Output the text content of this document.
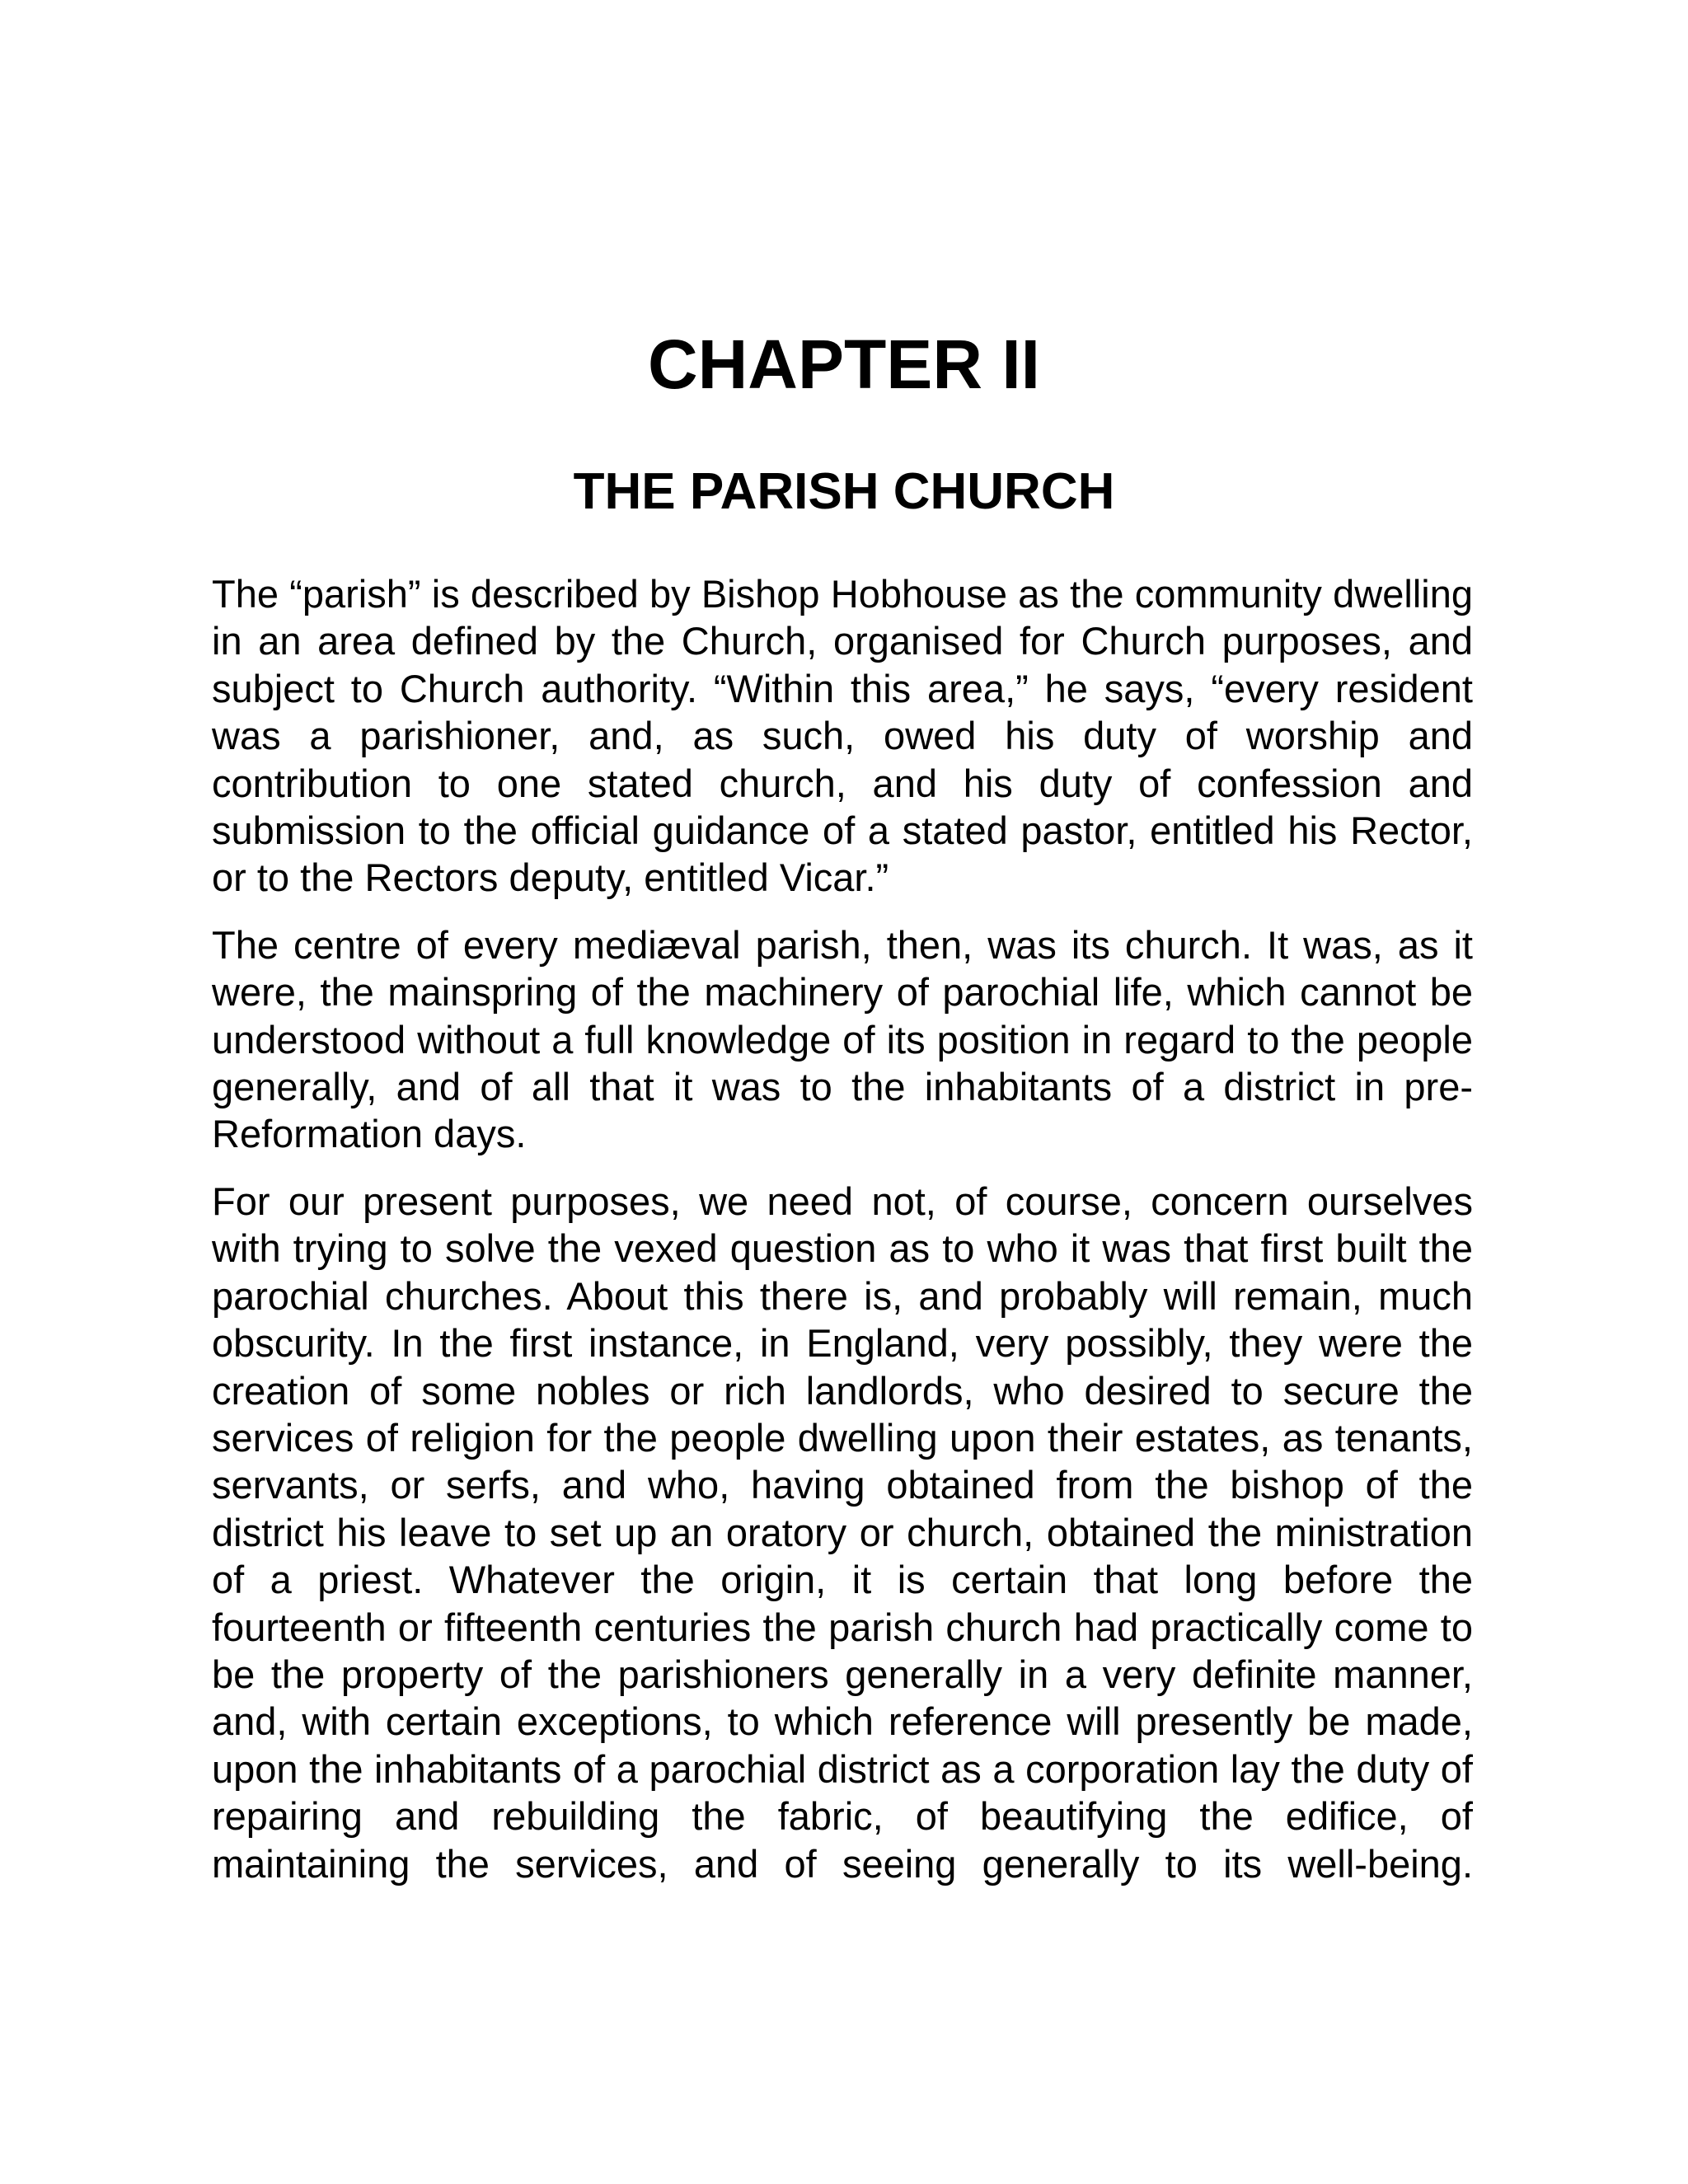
CHAPTER II
THE PARISH CHURCH

The “parish” is described by Bishop Hobhouse as the community dwelling in an area defined by the Church, organised for Church purposes, and subject to Church authority. “Within this area,” he says, “every resident was a parishioner, and, as such, owed his duty of worship and contribution to one stated church, and his duty of confession and submission to the official guidance of a stated pastor, entitled his Rector, or to the Rectors deputy, entitled Vicar.”

The centre of every mediæval parish, then, was its church. It was, as it were, the mainspring of the machinery of parochial life, which cannot be understood without a full knowledge of its position in regard to the people generally, and of all that it was to the inhabitants of a district in pre-Reformation days.

For our present purposes, we need not, of course, concern ourselves with trying to solve the vexed question as to who it was that first built the parochial churches. About this there is, and probably will remain, much obscurity. In the first instance, in England, very possibly, they were the creation of some nobles or rich landlords, who desired to secure the services of religion for the people dwelling upon their estates, as tenants, servants, or serfs, and who, having obtained from the bishop of the district his leave to set up an oratory or church, obtained the ministration of a priest. Whatever the origin, it is certain that long before the fourteenth or fifteenth centuries the parish church had practically come to be the property of the parishioners generally in a very definite manner, and, with certain exceptions, to which reference will presently be made, upon the inhabitants of a parochial district as a corporation lay the duty of repairing and rebuilding the fabric, of beautifying the edifice, of maintaining the services, and of seeing generally to its well-being.
